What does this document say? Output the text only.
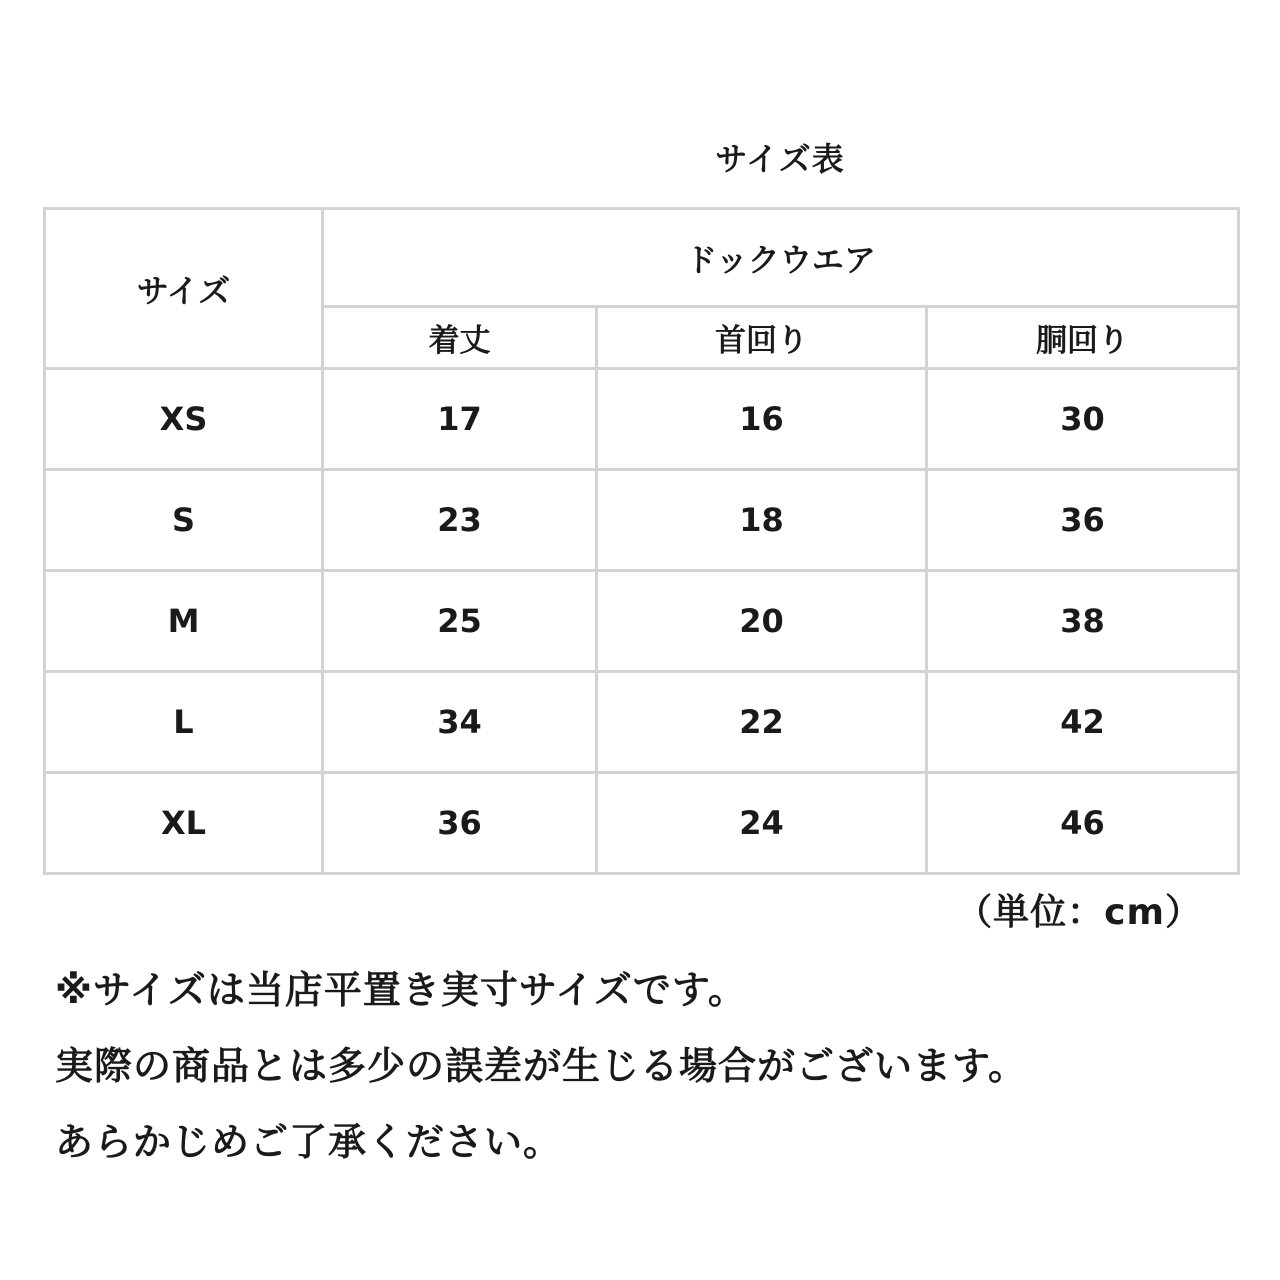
サイズ表
サイズ	ドックウエア		
	着丈	首回り	胴回り
XS	17	16	30
S	23	18	36
M	25	20	38
L	34	22	42
XL	36	24	46
（単位：cm）
※サイズは当店平置き実寸サイズです。
実際の商品とは多少の誤差が生じる場合がございます。
あらかじめご了承ください。
